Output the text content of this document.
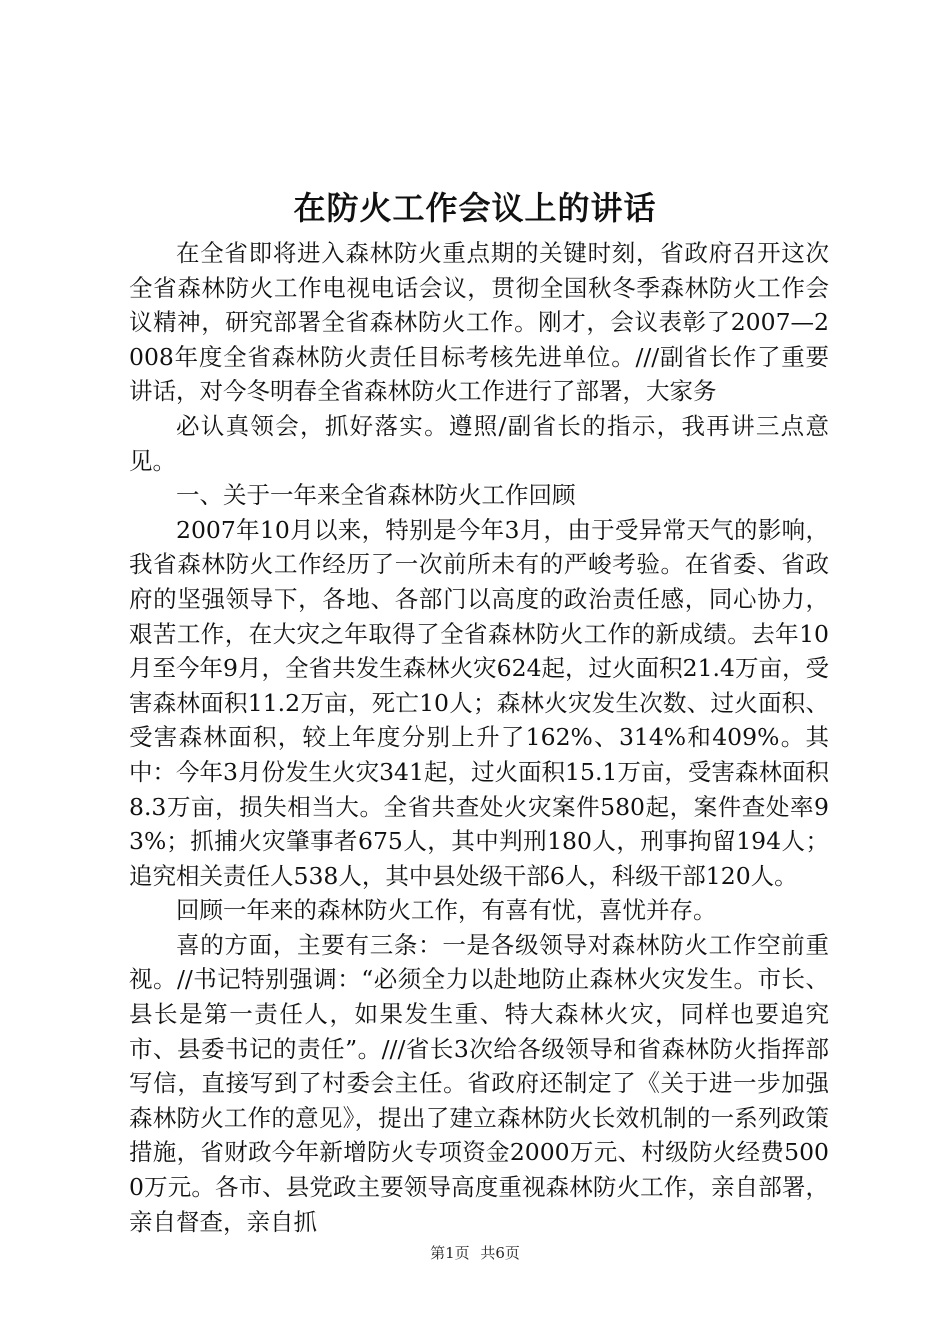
在防火工作会议上的讲话

在全省即将进入森林防火重点期的关键时刻，省政府召开这次全省森林防火工作电视电话会议，贯彻全国秋冬季森林防火工作会议精神，研究部署全省森林防火工作。刚才，会议表彰了2007—2008年度全省森林防火责任目标考核先进单位。///副省长作了重要讲话，对今冬明春全省森林防火工作进行了部署，大家务

必认真领会，抓好落实。遵照/副省长的指示，我再讲三点意见。

一、关于一年来全省森林防火工作回顾

2007年10月以来，特别是今年3月，由于受异常天气的影响，我省森林防火工作经历了一次前所未有的严峻考验。在省委、省政府的坚强领导下，各地、各部门以高度的政治责任感，同心协力，艰苦工作，在大灾之年取得了全省森林防火工作的新成绩。去年10月至今年9月，全省共发生森林火灾624起，过火面积21.4万亩，受害森林面积11.2万亩，死亡10人；森林火灾发生次数、过火面积、受害森林面积，较上年度分别上升了162%、314%和409%。其中：今年3月份发生火灾341起，过火面积15.1万亩，受害森林面积8.3万亩，损失相当大。全省共查处火灾案件580起，案件查处率93%；抓捕火灾肇事者675人，其中判刑180人，刑事拘留194人；追究相关责任人538人，其中县处级干部6人，科级干部120人。

回顾一年来的森林防火工作，有喜有忧，喜忧并存。

喜的方面，主要有三条：一是各级领导对森林防火工作空前重视。//书记特别强调：“必须全力以赴地防止森林火灾发生。市长、县长是第一责任人，如果发生重、特大森林火灾，同样也要追究市、县委书记的责任”。///省长3次给各级领导和省森林防火指挥部写信，直接写到了村委会主任。省政府还制定了《关于进一步加强森林防火工作的意见》，提出了建立森林防火长效机制的一系列政策措施，省财政今年新增防火专项资金2000万元、村级防火经费5000万元。各市、县党政主要领导高度重视森林防火工作，亲自部署，亲自督查，亲自抓

第1页 共6页
